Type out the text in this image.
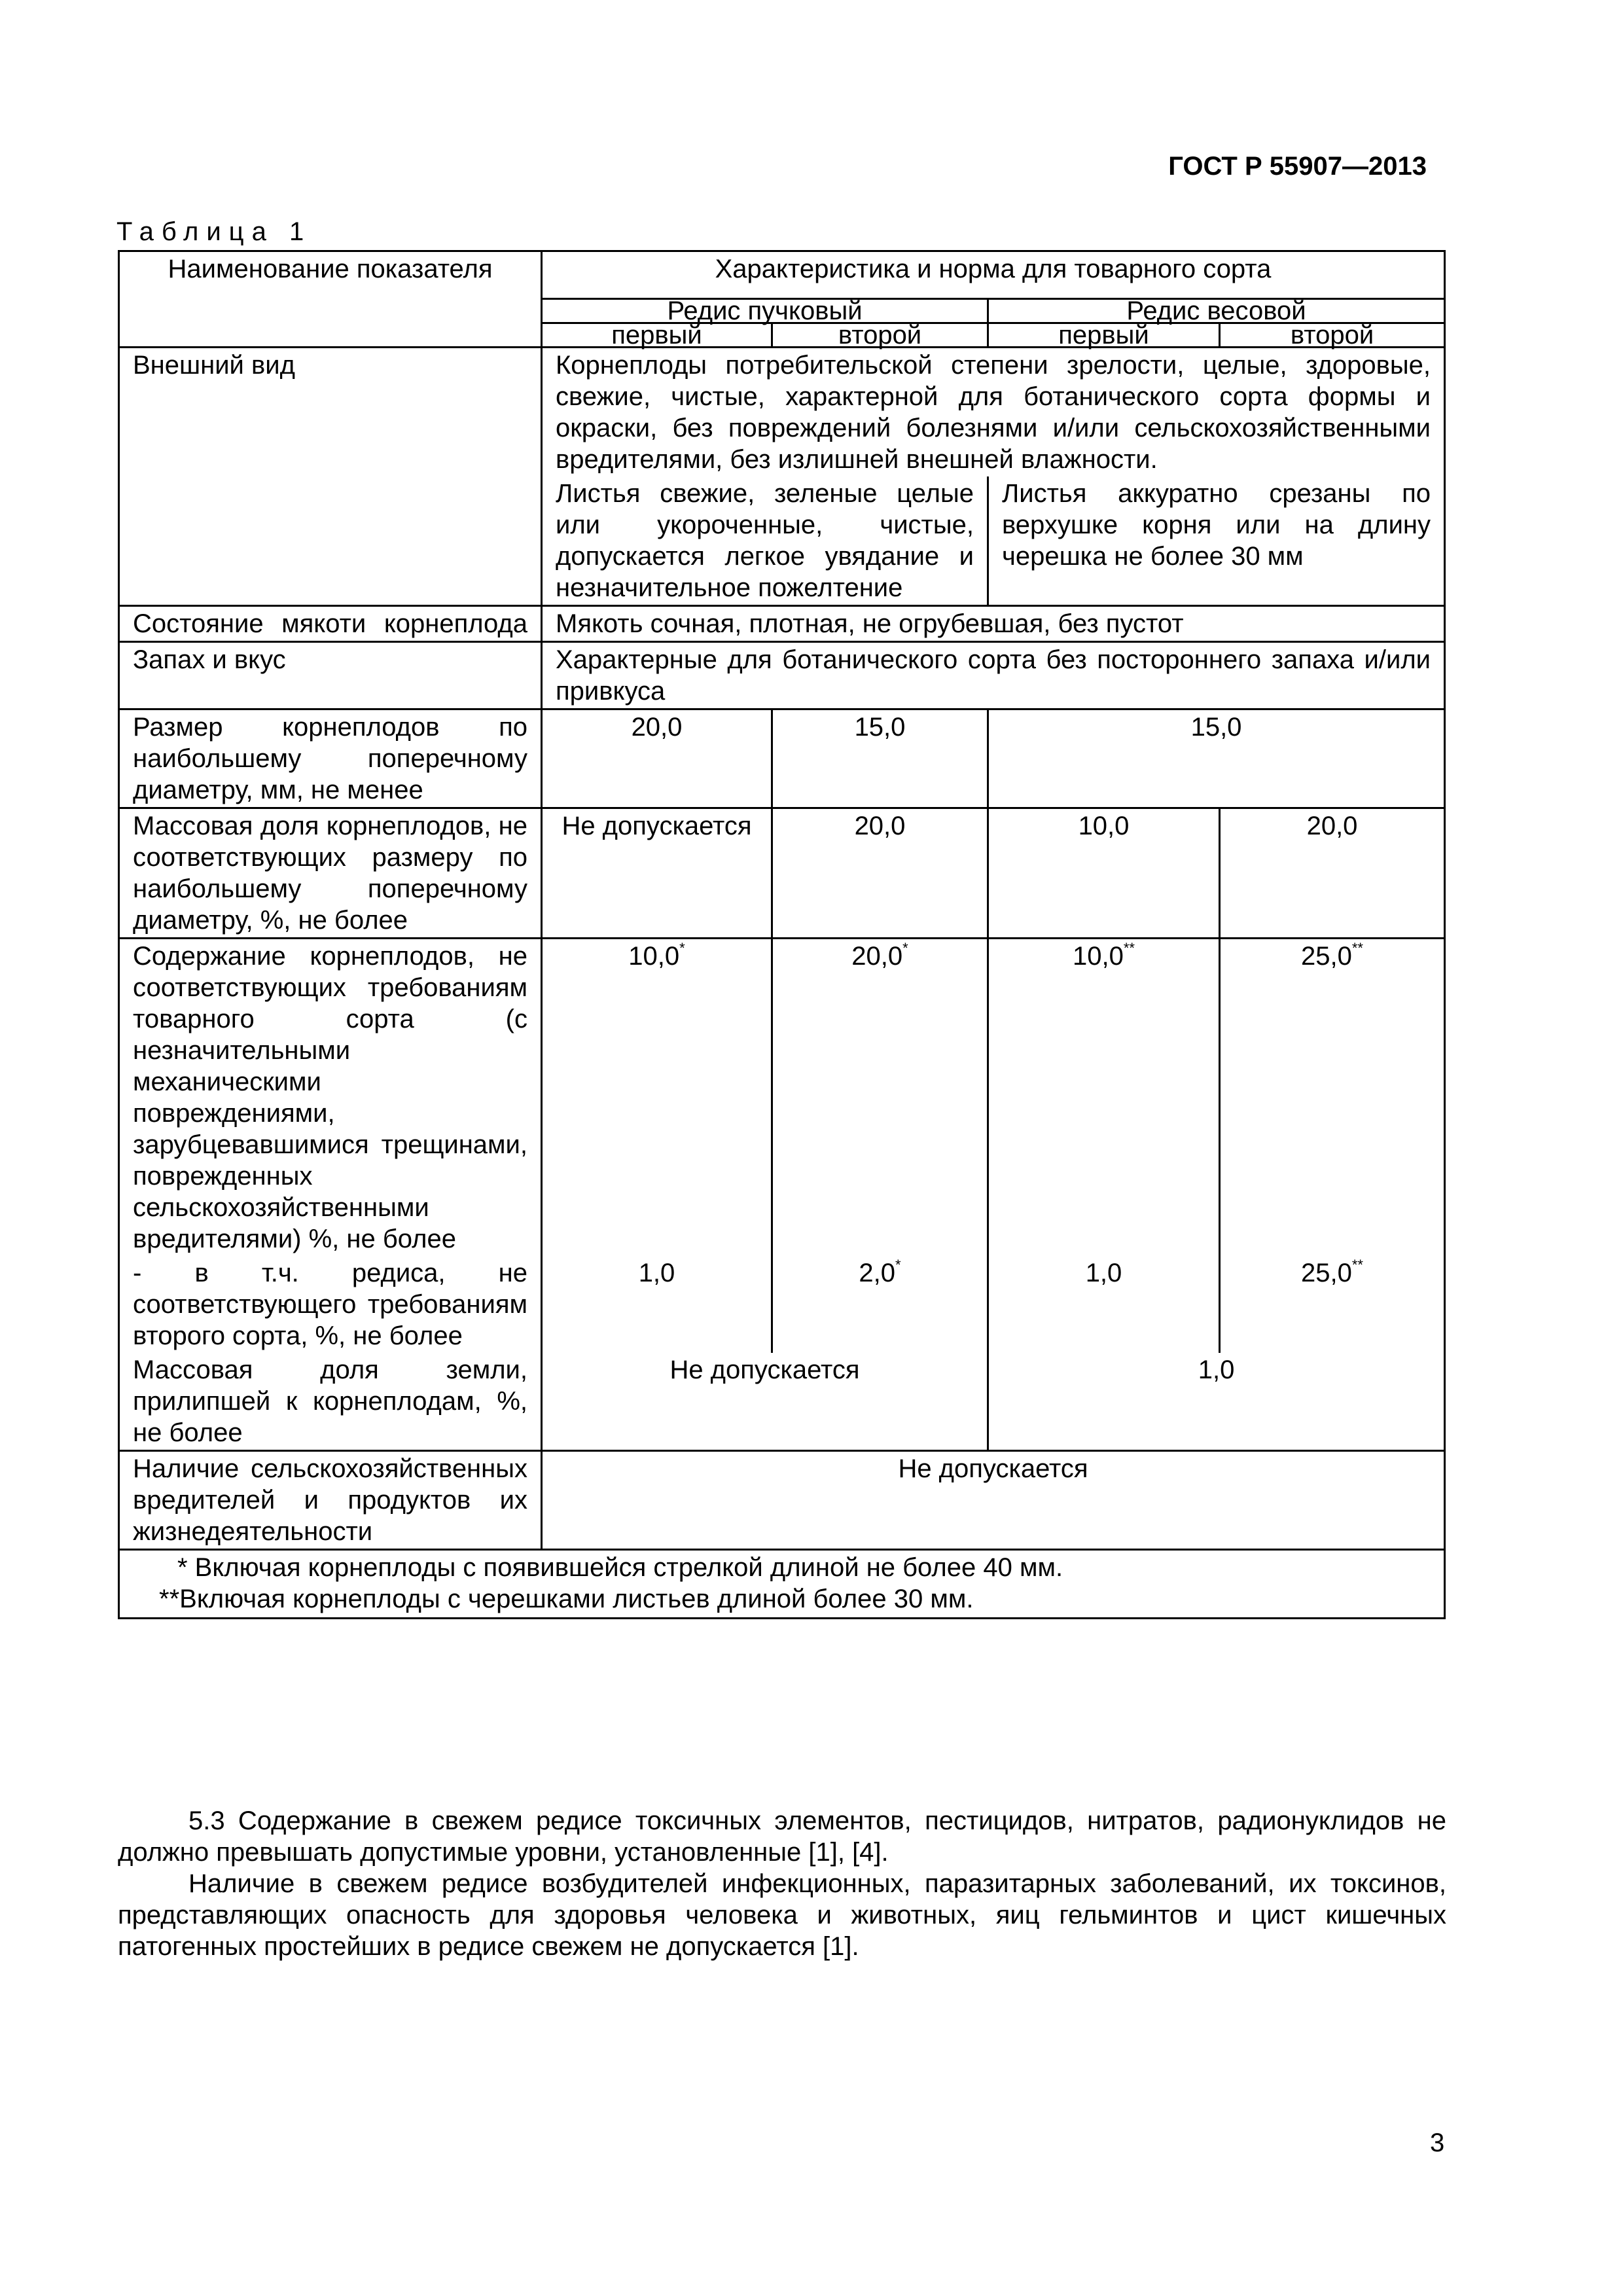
ГОСТ Р 55907—2013
Таблица 1
Наименование показателя	Характеристика и норма для товарного сорта			

	Редис пучковый		Редис весовой	

	первый	второй	первый	второй

Внешний вид	Корнеплоды потребительской степени зрелости, целые, здоровые, свежие, чистые, характерной для ботанического сорта формы и окраски, без повреждений болезнями и/или сельскохозяйственными вредителями, без излишней внешней влажности.			
	Листья свежие, зеленые целые или укороченные, чистые, допускается легкое увядание и незначительное пожелтение		Листья аккуратно срезаны по верхушке корня или на длину черешка не более 30 мм	

Состояние мякоти корнеплода	Мякоть сочная, плотная, не огрубевшая, без пустот			
Запах и вкус	Характерные для ботанического сорта без постороннего запаха и/или привкуса			
Размер корнеплодов по наибольшему поперечному диаметру, мм, не менее	20,0	15,0	15,0	
Массовая доля корнеплодов, не соответствующих размеру по наибольшему поперечному диаметру, %, не более	Не допускается	20,0	10,0	20,0
Содержание корнеплодов, не соответствующих требованиям товарного сорта (с незначительными механическими повреждениями, зарубцевавшимися трещинами, поврежденных сельскохозяйственными вредителями) %, не более	10,0*	20,0*	10,0**	25,0**
- в т.ч. редиса, не соответствующего требованиям второго сорта, %, не более	1,0	2,0*	1,0	25,0**
Массовая доля земли, прилипшей к корнеплодам, %, не более	Не допускается		1,0	
Наличие сельскохозяйственных вредителей и продуктов их жизнедеятельности	Не допускается			

* Включая корнеплоды с появившейся стрелкой длиной не более 40 мм.
**Включая корнеплоды с черешками листьев длиной более 30 мм.				

5.3 Содержание в свежем редисе токсичных элементов, пестицидов, нитратов, радионуклидов не должно превышать допустимые уровни, установленные [1], [4].

Наличие в свежем редисе возбудителей инфекционных, паразитарных заболеваний, их токсинов, представляющих опасность для здоровья человека и животных, яиц гельминтов и цист кишечных патогенных простейших в редисе свежем не допускается [1].

3
